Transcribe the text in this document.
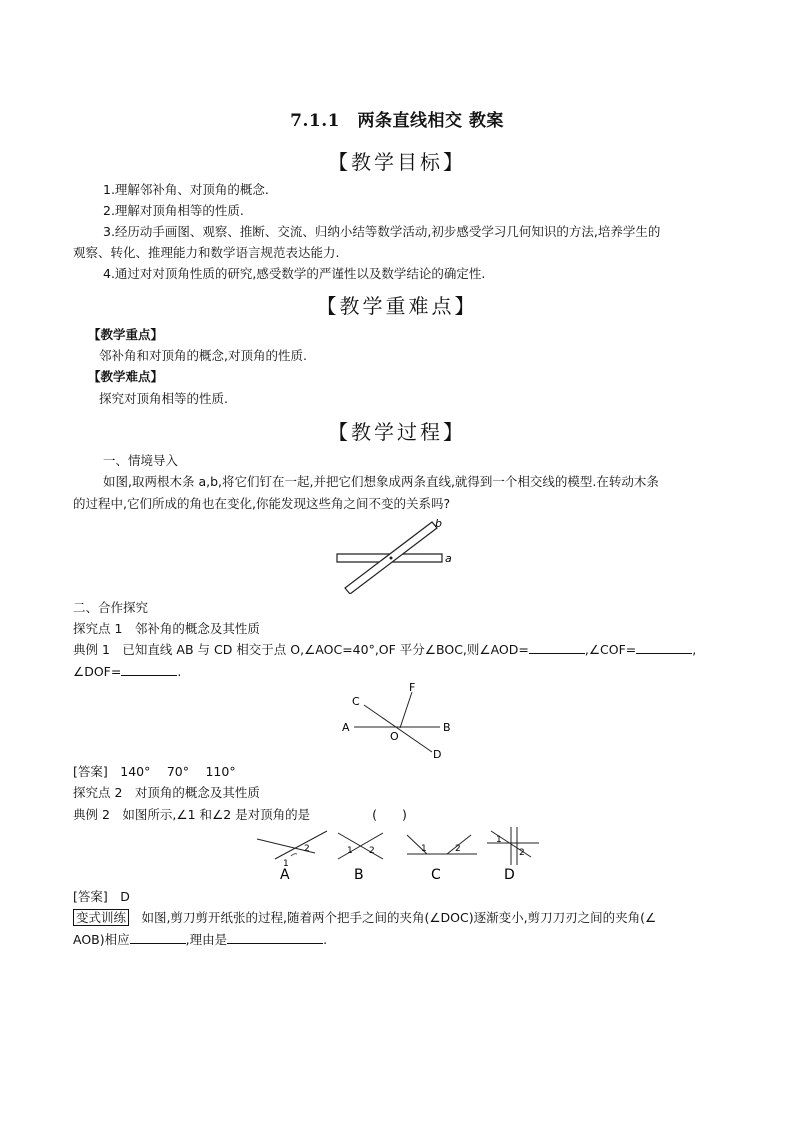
7.1.1　两条直线相交 教案
【教学目标】
1.理解邻补角、对顶角的概念.
2.理解对顶角相等的性质.
3.经历动手画图、观察、推断、交流、归纳小结等数学活动,初步感受学习几何知识的方法,培养学生的
观察、转化、推理能力和数学语言规范表达能力.
4.通过对对顶角性质的研究,感受数学的严谨性以及数学结论的确定性.
【教学重难点】
【教学重点】
邻补角和对顶角的概念,对顶角的性质.
【教学难点】
探究对顶角相等的性质.
【教学过程】
一、情境导入
如图,取两根木条 a,b,将它们钉在一起,并把它们想象成两条直线,就得到一个相交线的模型.在转动木条
的过程中,它们所成的角也在变化,你能发现这些角之间不变的关系吗?
a
b
二、合作探究
探究点 1　邻补角的概念及其性质
典例 1　已知直线 AB 与 CD 相交于点 O,∠AOC=40°,OF 平分∠BOC,则∠AOD=	,∠COF=	,
∠DOF=	.
A	B
C
D
O
F
[答案]　140°　 70°　 110°
探究点 2　对顶角的概念及其性质
典例 2　如图所示,∠1 和∠2 是对顶角的是	(　　)
1
2
A
1 2
B
1	2
C
1
2
D
[答案]　D
变式训练　如图,剪刀剪开纸张的过程,随着两个把手之间的夹角(∠DOC)逐渐变小,剪刀刀刃之间的夹角(∠
AOB)相应	,理由是	.
